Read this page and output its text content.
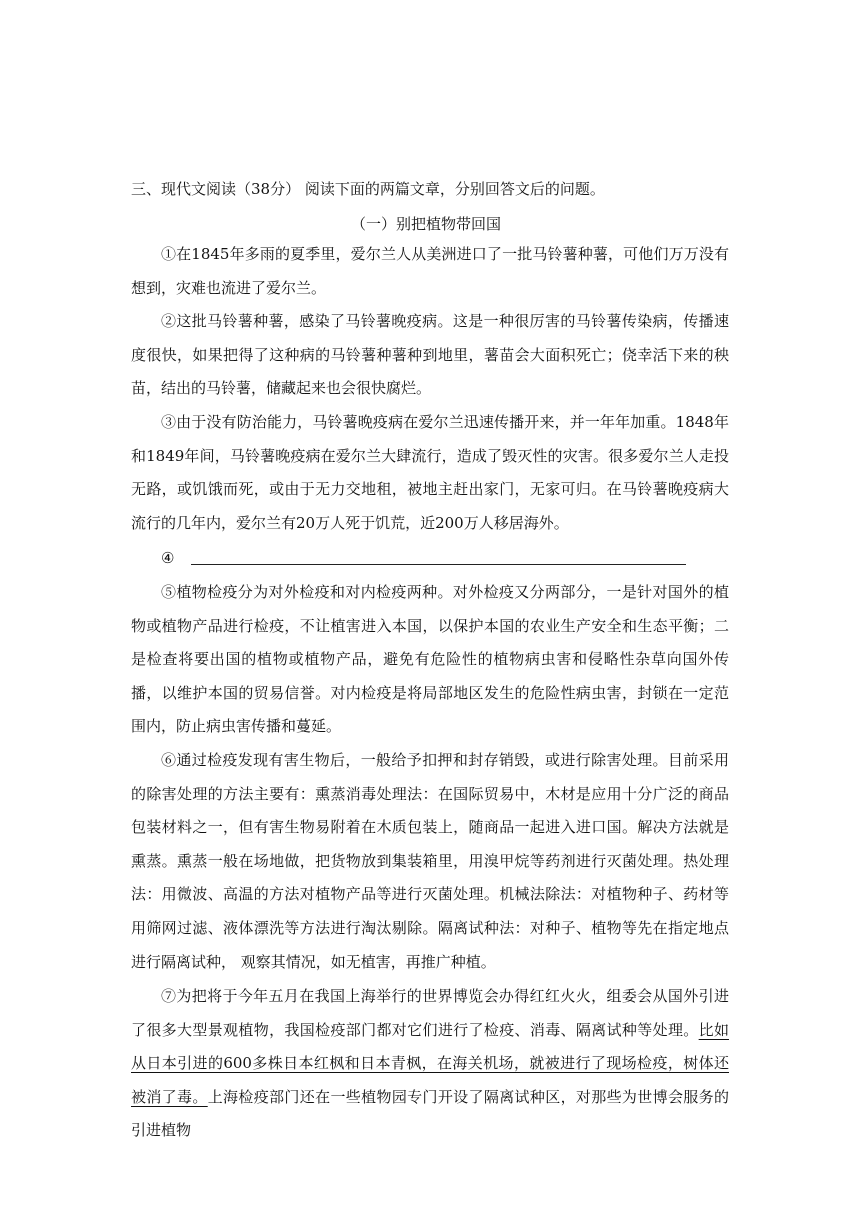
三、现代文阅读（38分） 阅读下面的两篇文章，分别回答文后的问题。
（一）别把植物带回国

①在1845年多雨的夏季里，爱尔兰人从美洲进口了一批马铃薯种薯，可他们万万没有想到，灾难也流进了爱尔兰。

②这批马铃薯种薯，感染了马铃薯晚疫病。这是一种很厉害的马铃薯传染病，传播速度很快，如果把得了这种病的马铃薯种薯种到地里，薯苗会大面积死亡；侥幸活下来的秧苗，结出的马铃薯，储藏起来也会很快腐烂。

③由于没有防治能力，马铃薯晚疫病在爱尔兰迅速传播开来，并一年年加重。1848年和1849年间，马铃薯晚疫病在爱尔兰大肆流行，造成了毁灭性的灾害。很多爱尔兰人走投无路，或饥饿而死，或由于无力交地租，被地主赶出家门，无家可归。在马铃薯晚疫病大流行的几年内，爱尔兰有20万人死于饥荒，近200万人移居海外。

④

⑤植物检疫分为对外检疫和对内检疫两种。对外检疫又分两部分，一是针对国外的植物或植物产品进行检疫，不让植害进入本国，以保护本国的农业生产安全和生态平衡；二是检查将要出国的植物或植物产品，避免有危险性的植物病虫害和侵略性杂草向国外传播，以维护本国的贸易信誉。对内检疫是将局部地区发生的危险性病虫害，封锁在一定范围内，防止病虫害传播和蔓延。

⑥通过检疫发现有害生物后，一般给予扣押和封存销毁，或进行除害处理。目前采用的除害处理的方法主要有：熏蒸消毒处理法：在国际贸易中，木材是应用十分广泛的商品包装材料之一，但有害生物易附着在木质包装上，随商品一起进入进口国。解决方法就是熏蒸。熏蒸一般在场地做，把货物放到集装箱里，用溴甲烷等药剂进行灭菌处理。热处理法：用微波、高温的方法对植物产品等进行灭菌处理。机械法除法：对植物种子、药材等用筛网过滤、液体漂洗等方法进行淘汰剔除。隔离试种法：对种子、植物等先在指定地点进行隔离试种， 观察其情况，如无植害，再推广种植。

⑦为把将于今年五月在我国上海举行的世界博览会办得红红火火，组委会从国外引进了很多大型景观植物，我国检疫部门都对它们进行了检疫、消毒、隔离试种等处理。比如从日本引进的600多株日本红枫和日本青枫，在海关机场，就被进行了现场检疫，树体还被消了毒。上海检疫部门还在一些植物园专门开设了隔离试种区，对那些为世博会服务的引进植物
